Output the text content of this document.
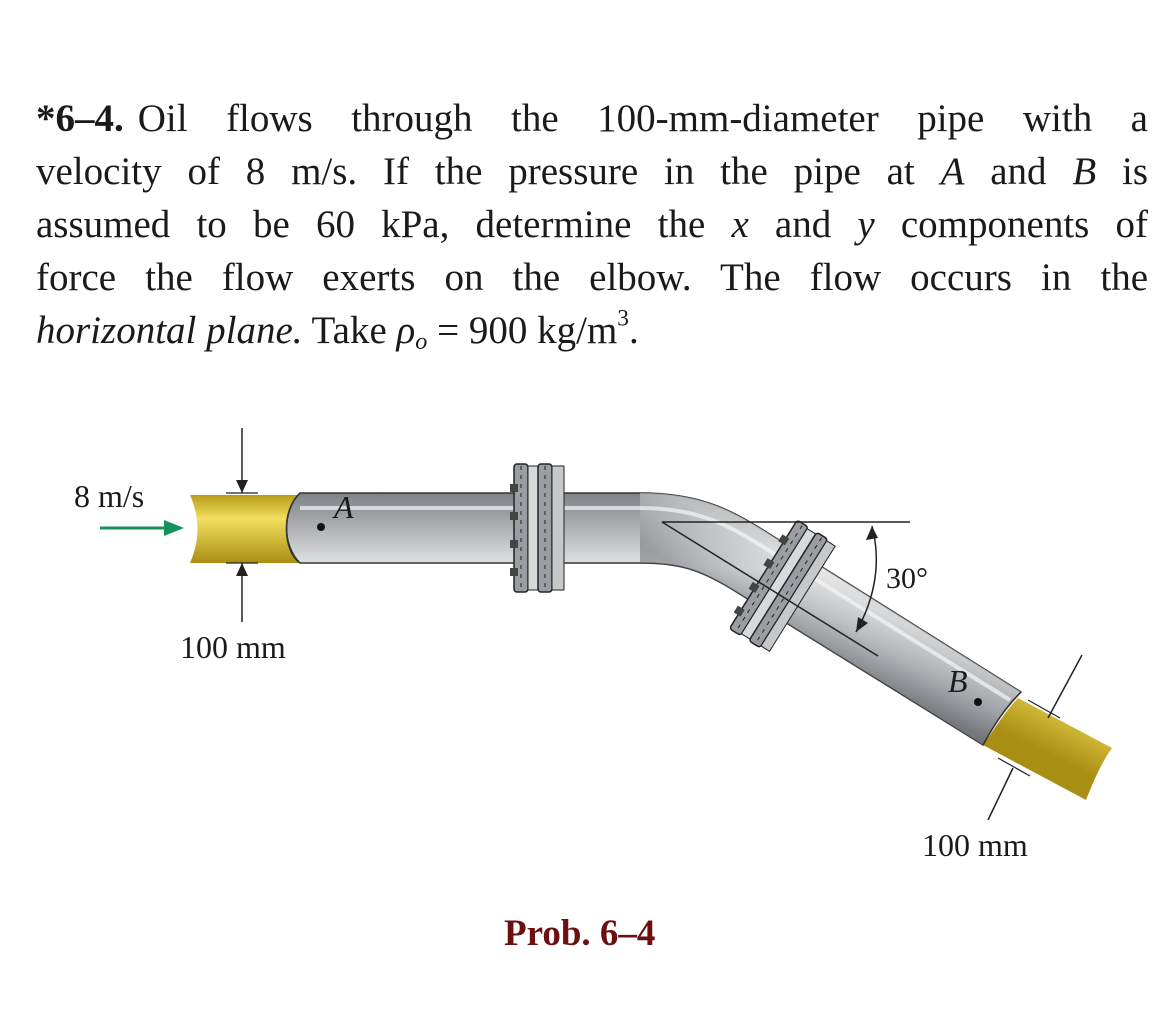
*6–4. Oil flows through the 100-mm-diameter pipe with a
velocity of 8 m/s. If the pressure in the pipe at A and B is
assumed to be 60 kPa, determine the x and y components of
force the flow exerts on the elbow. The flow occurs in the
horizontal plane. Take $\rho_o = 900$ $kg/m^3$.
30°
100 mm
8 m/s	A
B
100 mm
Prob. 6–4
